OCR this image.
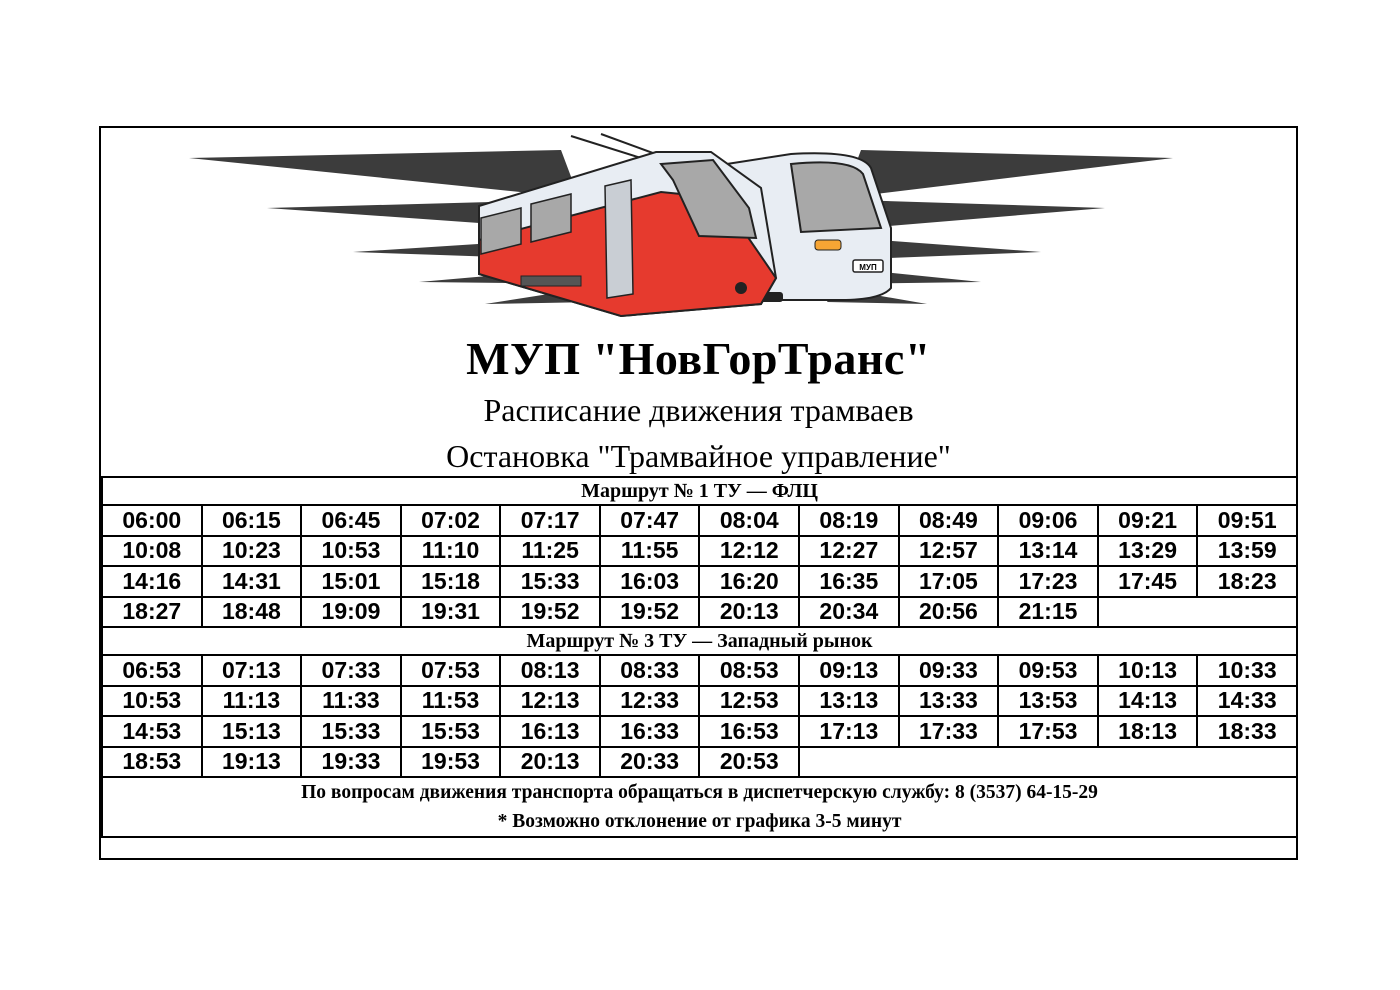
МУП
МУП "НовГорТранс"
Расписание движения трамваев
Остановка "Трамвайное управление"
Маршрут № 1 ТУ — ФЛЦ											
06:00	06:15	06:45	07:02	07:17	07:47	08:04	08:19	08:49	09:06	09:21	09:51
10:08	10:23	10:53	11:10	11:25	11:55	12:12	12:27	12:57	13:14	13:29	13:59
14:16	14:31	15:01	15:18	15:33	16:03	16:20	16:35	17:05	17:23	17:45	18:23
18:27	18:48	19:09	19:31	19:52	19:52	20:13	20:34	20:56	21:15		
Маршрут № 3 ТУ — Западный рынок											
06:53	07:13	07:33	07:53	08:13	08:33	08:53	09:13	09:33	09:53	10:13	10:33
10:53	11:13	11:33	11:53	12:13	12:33	12:53	13:13	13:33	13:53	14:13	14:33
14:53	15:13	15:33	15:53	16:13	16:33	16:53	17:13	17:33	17:53	18:13	18:33
18:53	19:13	19:33	19:53	20:13	20:33	20:53					

По вопросам движения транспорта обращаться в диспетчерскую службу: 8 (3537) 64-15-29
* Возможно отклонение от графика 3-5 минут											
